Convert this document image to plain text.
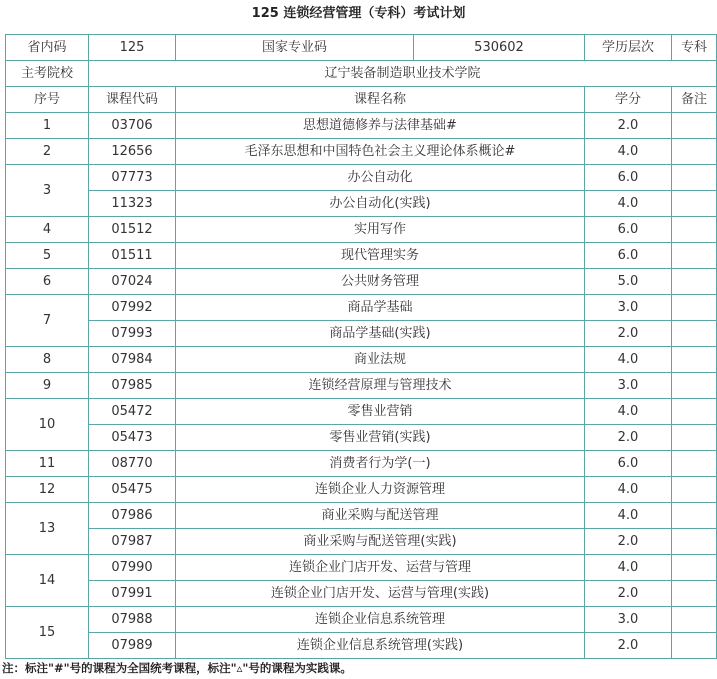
125 连锁经营管理（专科）考试计划
省内码	125	国家专业码	530602	学历层次	专科
主考院校	辽宁装备制造职业技术学院				
序号	课程代码	课程名称		学分	备注
1	03706	思想道德修养与法律基础#		2.0	
2	12656	毛泽东思想和中国特色社会主义理论体系概论#		4.0	
3	07773	办公自动化		6.0	
	11323	办公自动化(实践)		4.0	
4	01512	实用写作		6.0	
5	01511	现代管理实务		6.0	
6	07024	公共财务管理		5.0	
7	07992	商品学基础		3.0	
	07993	商品学基础(实践)		2.0	
8	07984	商业法规		4.0	
9	07985	连锁经营原理与管理技术		3.0	
10	05472	零售业营销		4.0	
	05473	零售业营销(实践)		2.0	
11	08770	消费者行为学(一)		6.0	
12	05475	连锁企业人力资源管理		4.0	
13	07986	商业采购与配送管理		4.0	
	07987	商业采购与配送管理(实践)		2.0	
14	07990	连锁企业门店开发、运营与管理		4.0	
	07991	连锁企业门店开发、运营与管理(实践)		2.0	
15	07988	连锁企业信息系统管理		3.0	
	07989	连锁企业信息系统管理(实践)		2.0	
注：标注"#"号的课程为全国统考课程，标注"▵"号的课程为实践课。
